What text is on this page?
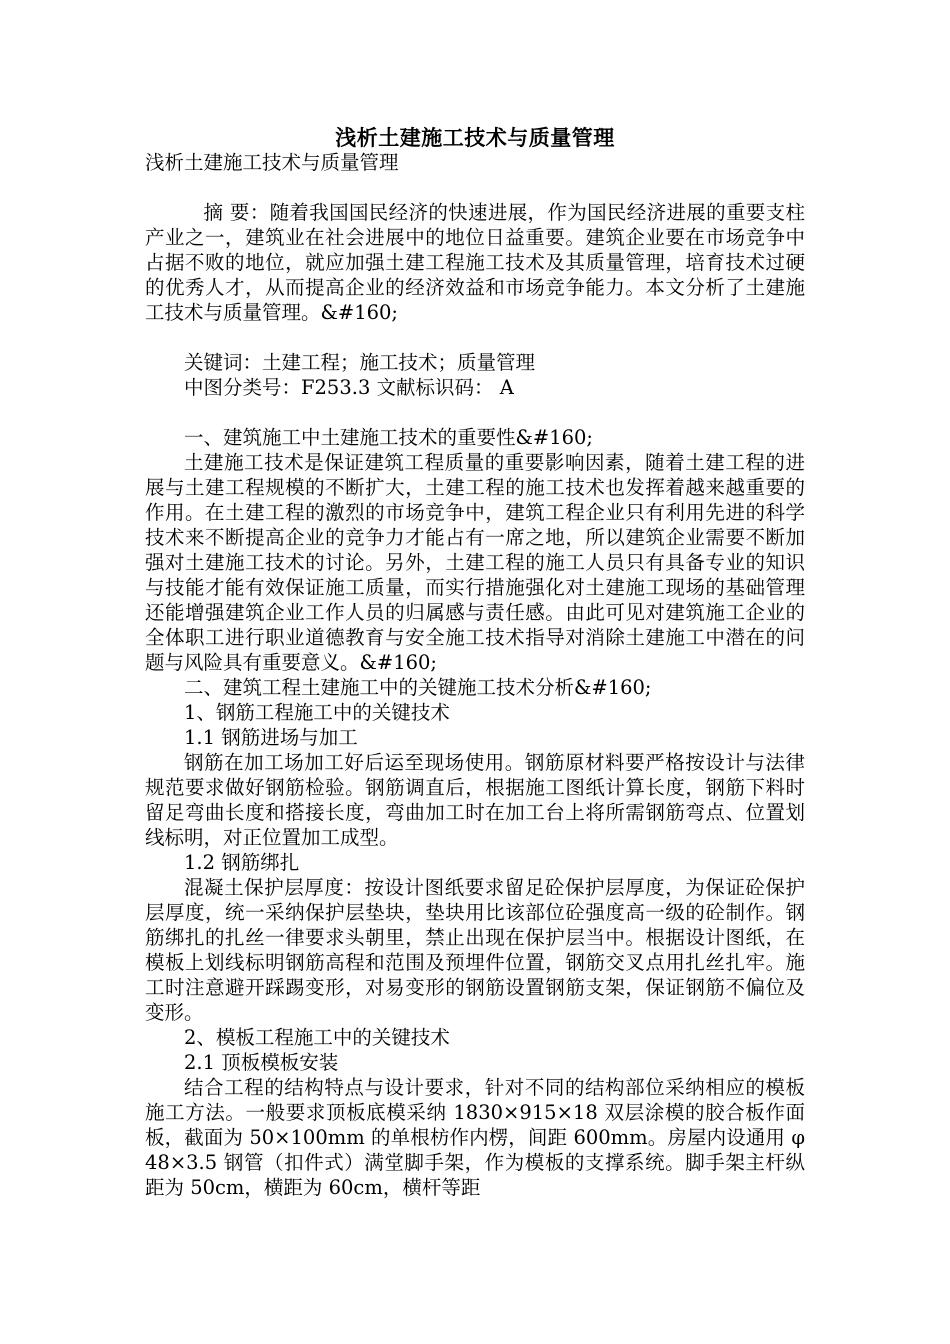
浅析土建施工技术与质量管理

浅析土建施工技术与质量管理

摘 要：随着我国国民经济的快速进展，作为国民经济进展的重要支柱产业之一，建筑业在社会进展中的地位日益重要。建筑企业要在市场竞争中占据不败的地位，就应加强土建工程施工技术及其质量管理，培育技术过硬的优秀人才，从而提高企业的经济效益和市场竞争能力。本文分析了土建施工技术与质量管理。&#160;

关键词：土建工程；施工技术；质量管理

中图分类号：F253.3 文献标识码： A

一、建筑施工中土建施工技术的重要性&#160;

土建施工技术是保证建筑工程质量的重要影响因素，随着土建工程的进展与土建工程规模的不断扩大，土建工程的施工技术也发挥着越来越重要的作用。在土建工程的激烈的市场竞争中，建筑工程企业只有利用先进的科学技术来不断提高企业的竞争力才能占有一席之地，所以建筑企业需要不断加强对土建施工技术的讨论。另外，土建工程的施工人员只有具备专业的知识与技能才能有效保证施工质量，而实行措施强化对土建施工现场的基础管理还能增强建筑企业工作人员的归属感与责任感。由此可见对建筑施工企业的全体职工进行职业道德教育与安全施工技术指导对消除土建施工中潜在的问题与风险具有重要意义。&#160;

二、建筑工程土建施工中的关键施工技术分析&#160;

1、钢筋工程施工中的关键技术

1.1 钢筋进场与加工

钢筋在加工场加工好后运至现场使用。钢筋原材料要严格按设计与法律规范要求做好钢筋检验。钢筋调直后，根据施工图纸计算长度，钢筋下料时留足弯曲长度和搭接长度，弯曲加工时在加工台上将所需钢筋弯点、位置划线标明，对正位置加工成型。

1.2 钢筋绑扎

混凝土保护层厚度：按设计图纸要求留足砼保护层厚度，为保证砼保护层厚度，统一采纳保护层垫块，垫块用比该部位砼强度高一级的砼制作。钢筋绑扎的扎丝一律要求头朝里，禁止出现在保护层当中。根据设计图纸，在模板上划线标明钢筋高程和范围及预埋件位置，钢筋交叉点用扎丝扎牢。施工时注意避开踩踢变形，对易变形的钢筋设置钢筋支架，保证钢筋不偏位及变形。

2、模板工程施工中的关键技术

2.1 顶板模板安装

结合工程的结构特点与设计要求，针对不同的结构部位采纳相应的模板施工方法。一般要求顶板底模采纳 1830×915×18 双层涂模的胶合板作面板，截面为 50×100mm 的单根枋作内楞，间距 600mm。房屋内设通用 φ48×3.5 钢管（扣件式）满堂脚手架，作为模板的支撑系统。脚手架主杆纵距为 50cm，横距为 60cm，横杆等距
